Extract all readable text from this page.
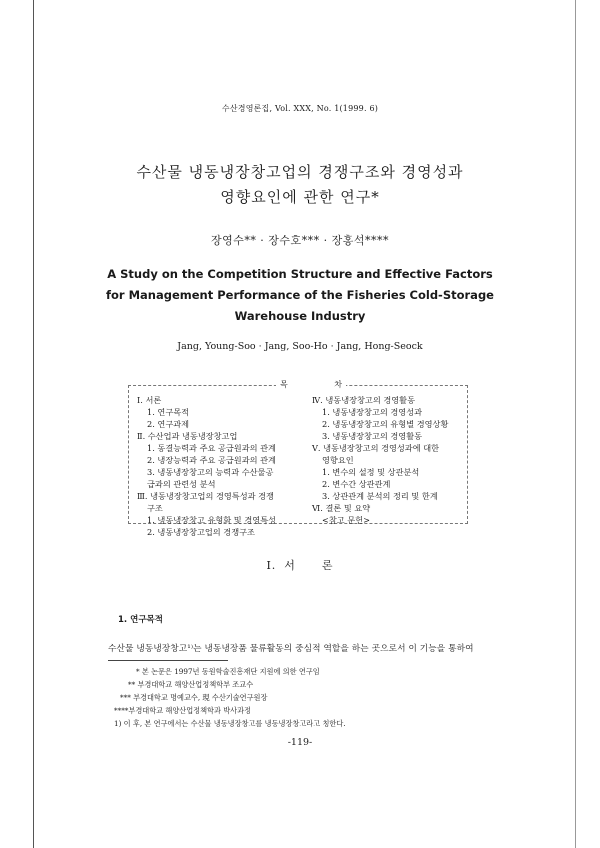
수산경영론집, Vol. XXX, No. 1(1999. 6)
수산물 냉동냉장창고업의 경쟁구조와 경영성과
영향요인에 관한 연구*
장영수** · 장수호*** · 장홍석****
A Study on the Competition Structure and Effective Factors
for Management Performance of the Fisheries Cold-Storage
Warehouse Industry
Jang, Young-Soo · Jang, Soo-Ho · Jang, Hong-Seock
목	차
Ⅰ. 서론
1. 연구목적
2. 연구과제
Ⅱ. 수산업과 냉동냉장창고업
1. 동결능력과 주요 공급원과의 관계
2. 냉장능력과 주요 공급원과의 관계
3. 냉동냉장창고의 능력과 수산물공
급과의 관련성 분석
Ⅲ. 냉동냉장창고업의 경영특성과 경쟁
구조
1. 냉동냉장창고 유형화 및 경영특성
2. 냉동냉장창고업의 경쟁구조
Ⅳ. 냉동냉장창고의 경영활동
1. 냉동냉장창고의 경영성과
2. 냉동냉장창고의 유형별 경영상황
3. 냉동냉장창고의 경영활동
Ⅴ. 냉동냉장창고의 경영성과에 대한
영향요인
1. 변수의 설정 및 상관분석
2. 변수간 상관관계
3. 상관관계 분석의 정리 및 한계
Ⅵ. 결론 및 요약
<참고 문헌>
Ⅰ. 서 론
1. 연구목적
수산물 냉동냉장창고¹⁾는 냉동냉장품 물류활동의 중심적 역할을 하는 곳으로서 이 기능을 통하여
* 본 논문은 1997년 동원학술진흥재단 지원에 의한 연구임
** 부경대학교 해양산업정책학부 조교수
*** 부경대학교 명예교수, 現 수산기술연구원장
****부경대학교 해양산업정책학과 박사과정
1) 이 후, 본 연구에서는 수산물 냉동냉장창고를 냉동냉장창고라고 칭한다.
-119-
